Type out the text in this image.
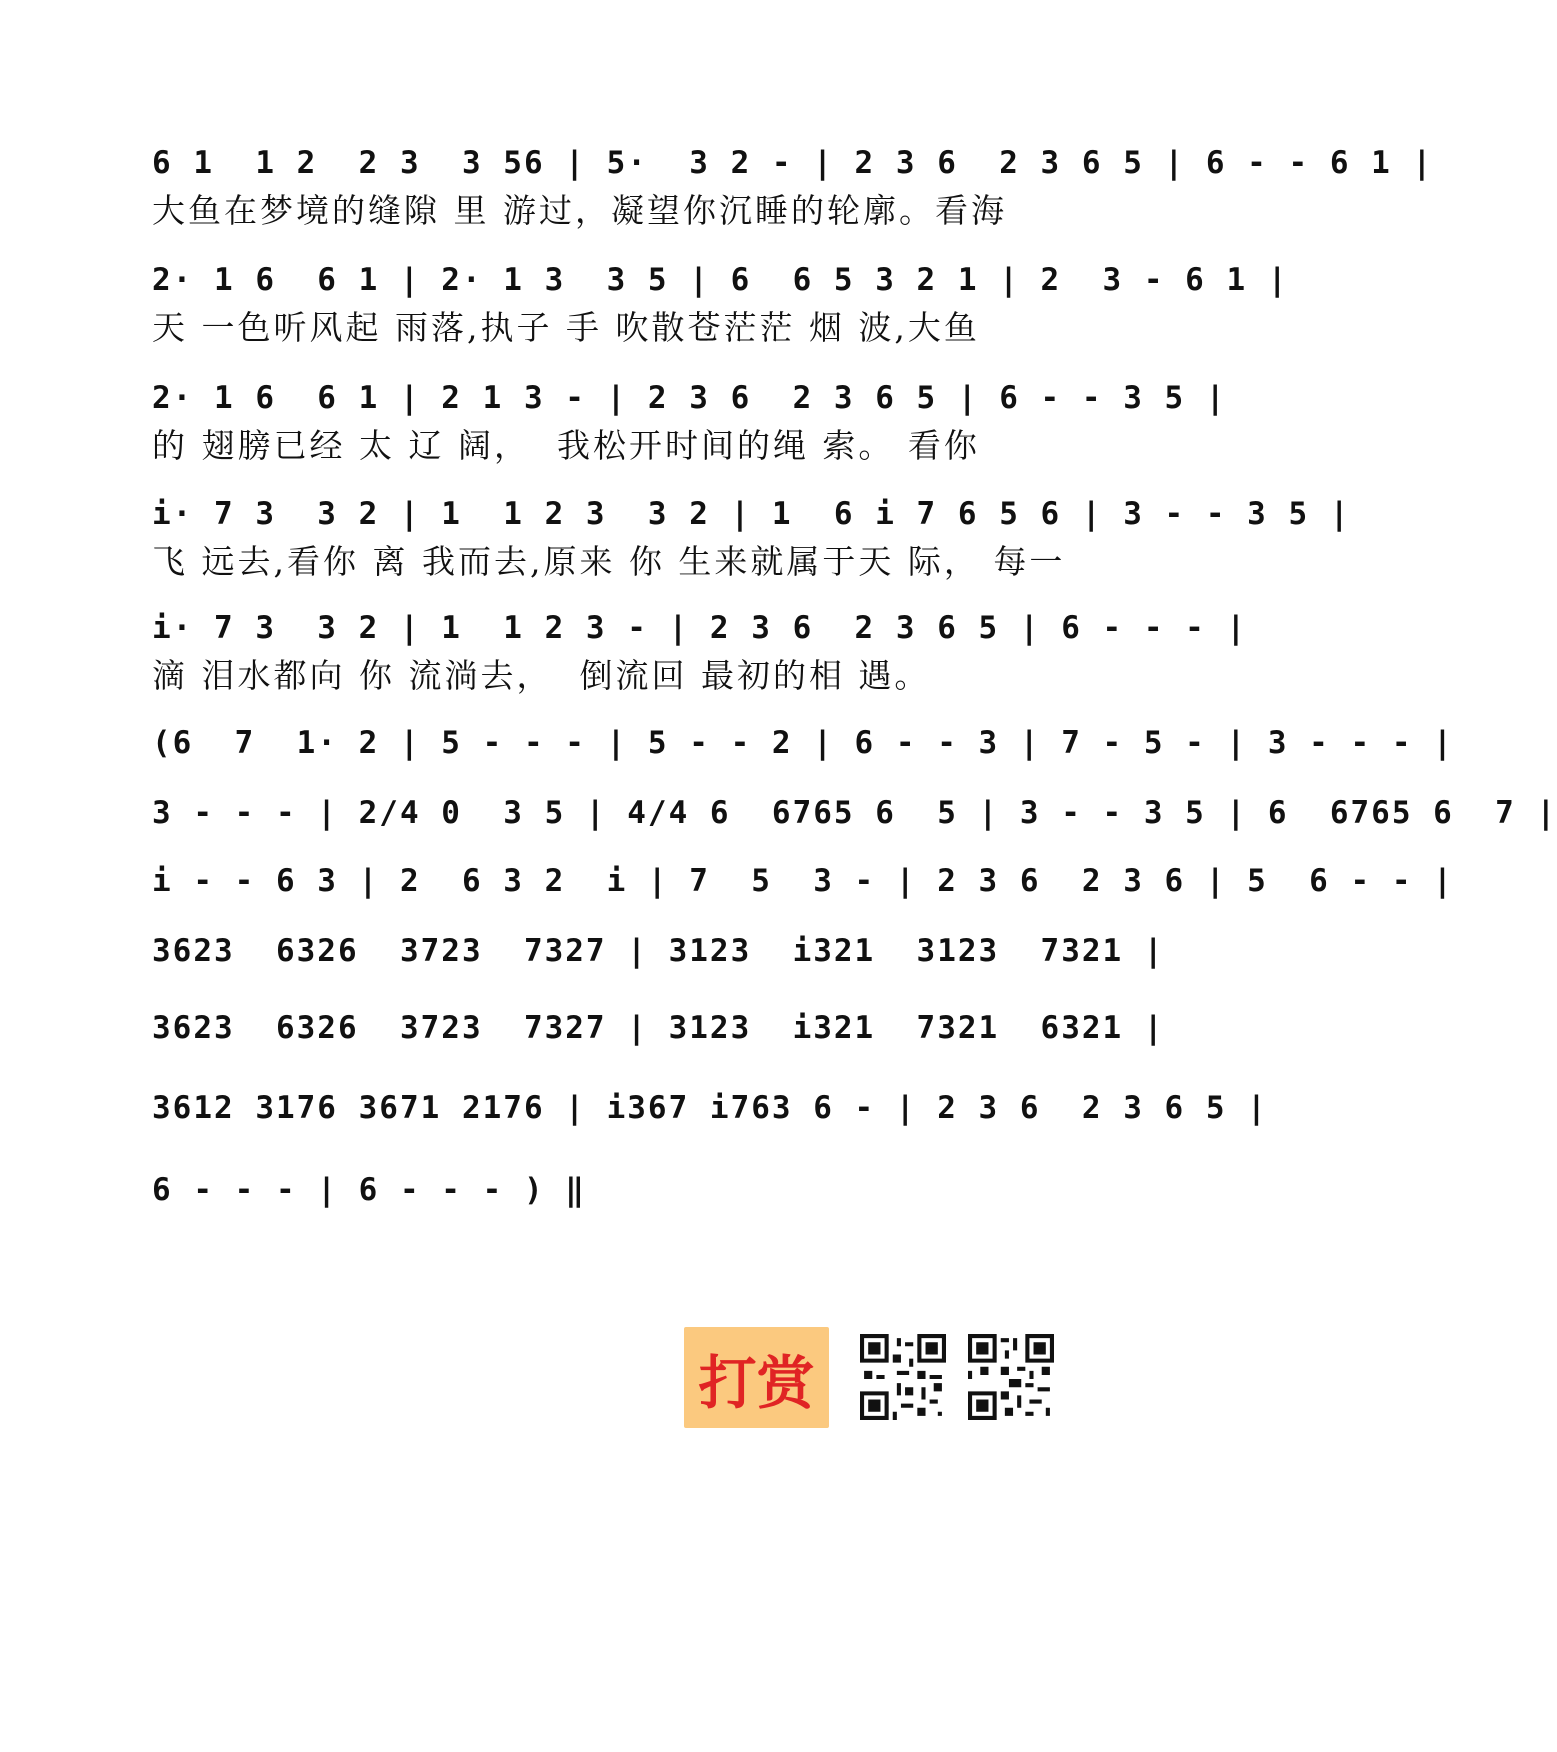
6 1  1 2  2 3  3 56 | 5·  3 2 - | 2 3 6  2 3 6 5 | 6 - - 6 1 |
大鱼在梦境的缝隙 里 游过，凝望你沉睡的轮廓。看海
2· 1 6  6 1 | 2· 1 3  3 5 | 6  6 5 3 2 1 | 2  3 - 6 1 |
天 一色听风起 雨落,执子 手 吹散苍茫茫 烟 波,大鱼
2· 1 6  6 1 | 2 1 3 - | 2 3 6  2 3 6 5 | 6 - - 3 5 |
的 翅膀已经 太 辽 阔，  我松开时间的绳 索。 看你
i· 7 3  3 2 | 1  1 2 3  3 2 | 1  6 i 7 6 5 6 | 3 - - 3 5 |
飞 远去,看你 离 我而去,原来 你 生来就属于天 际， 每一
i· 7 3  3 2 | 1  1 2 3 - | 2 3 6  2 3 6 5 | 6 - - - |
滴 泪水都向 你 流淌去，  倒流回 最初的相 遇。
(6  7  1· 2 | 5 - - - | 5 - - 2 | 6 - - 3 | 7 - 5 - | 3 - - - |
3 - - - | 2/4 0  3 5 | 4/4 6  6765 6  5 | 3 - - 3 5 | 6  6765 6  7 |
i - - 6 3 | 2  6 3 2  i | 7  5  3 - | 2 3 6  2 3 6 | 5  6 - - |
3623  6326  3723  7327 | 3123  i321  3123  7321 |
3623  6326  3723  7327 | 3123  i321  7321  6321 |
3612 3176 3671 2176 | i367 i763 6 - | 2 3 6  2 3 6 5 |
6 - - - | 6 - - - ) ‖
打赏
